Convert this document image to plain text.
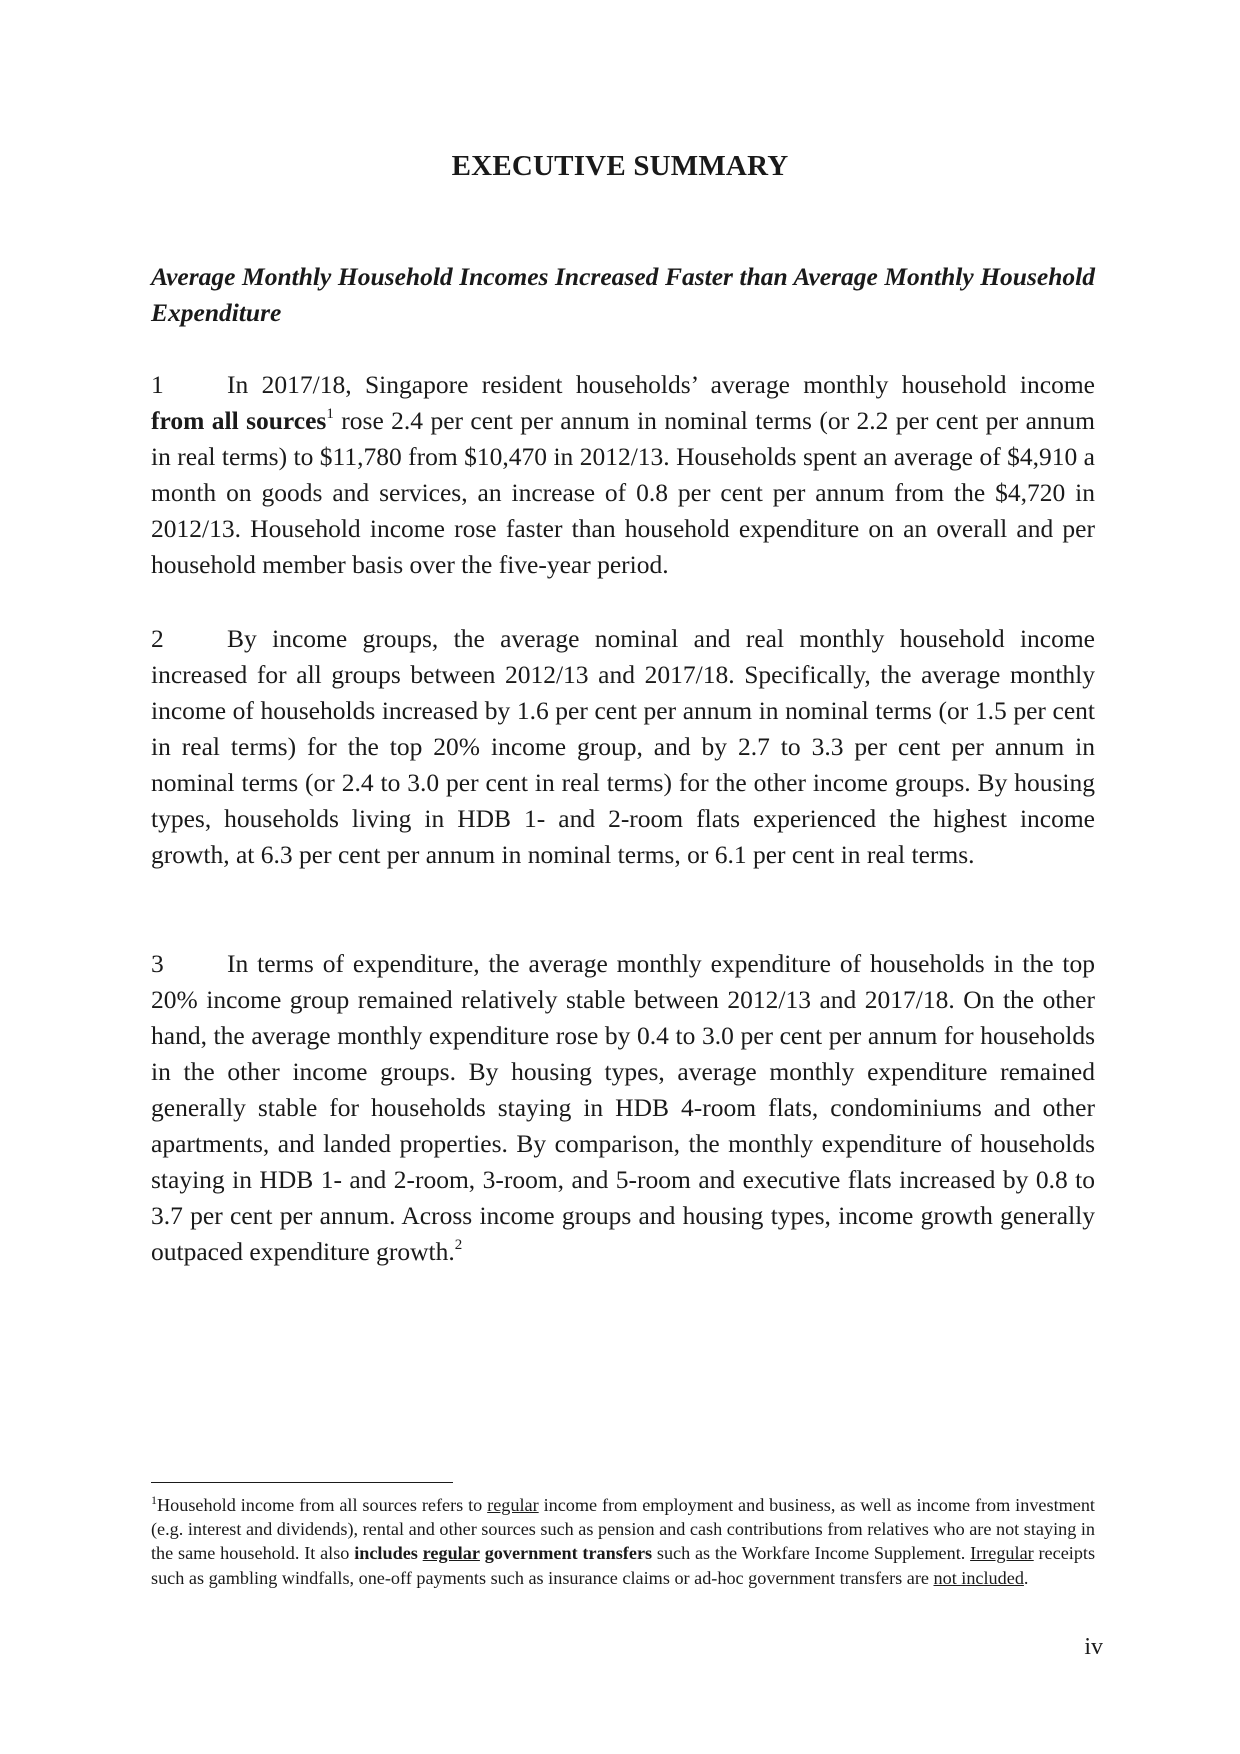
EXECUTIVE SUMMARY

Average Monthly Household Incomes Increased Faster than Average Monthly Household Expenditure

1 In 2017/18, Singapore resident households’ average monthly household income from all sources$^1$ rose 2.4 per cent per annum in nominal terms (or 2.2 per cent per annum in real terms) to $11,780 from $10,470 in 2012/13. Households spent an average of $4,910 a month on goods and services, an increase of 0.8 per cent per annum from the $4,720 in 2012/13. Household income rose faster than household expenditure on an overall and per household member basis over the five-year period.

2 By income groups, the average nominal and real monthly household income increased for all groups between 2012/13 and 2017/18. Specifically, the average monthly income of households increased by 1.6 per cent per annum in nominal terms (or 1.5 per cent in real terms) for the top 20% income group, and by 2.7 to 3.3 per cent per annum in nominal terms (or 2.4 to 3.0 per cent in real terms) for the other income groups. By housing types, households living in HDB 1- and 2-room flats experienced the highest income growth, at 6.3 per cent per annum in nominal terms, or 6.1 per cent in real terms.

3 In terms of expenditure, the average monthly expenditure of households in the top 20% income group remained relatively stable between 2012/13 and 2017/18. On the other hand, the average monthly expenditure rose by 0.4 to 3.0 per cent per annum for households in the other income groups. By housing types, average monthly expenditure remained generally stable for households staying in HDB 4-room flats, condominiums and other apartments, and landed properties. By comparison, the monthly expenditure of households staying in HDB 1- and 2-room, 3-room, and 5-room and executive flats increased by 0.8 to 3.7 per cent per annum. Across income groups and housing types, income growth generally outpaced expenditure growth.$^2$

$^1$Household income from all sources refers to regular income from employment and business, as well as income from investment (e.g. interest and dividends), rental and other sources such as pension and cash contributions from relatives who are not staying in the same household. It also includes regular government transfers such as the Workfare Income Supplement. Irregular receipts such as gambling windfalls, one-off payments such as insurance claims or ad-hoc government transfers are not included.

iv
